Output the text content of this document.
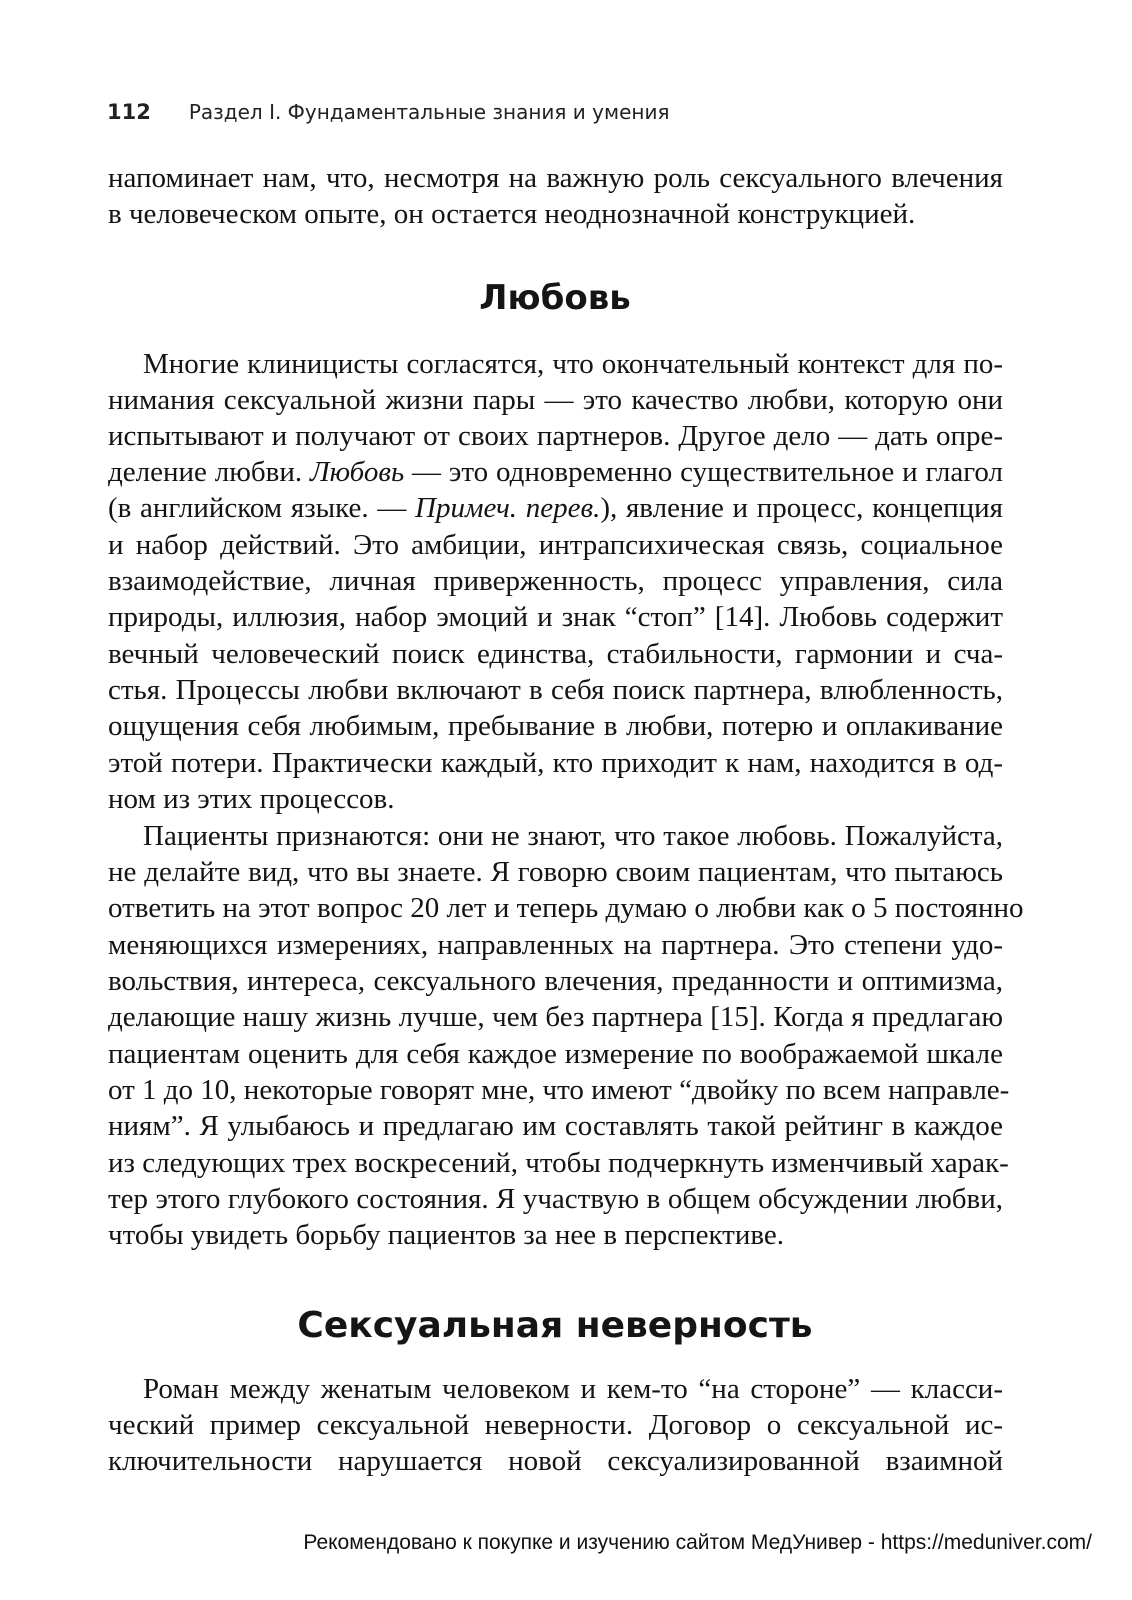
112 Раздел I. Фундаментальные знания и умения
напоминает нам, что, несмотря на важную роль сексуального влечения
в человеческом опыте, он остается неоднозначной конструкцией.
Любовь
Многие клиницисты согласятся, что окончательный контекст для по-
нимания сексуальной жизни пары — это качество любви, которую они
испытывают и получают от своих партнеров. Другое дело — дать опре-
деление любви. Любовь — это одновременно существительное и глагол
(в английском языке. — Примеч. перев.), явление и процесс, концепция
и набор действий. Это амбиции, интрапсихическая связь, социальное
взаимодействие, личная приверженность, процесс управления, сила
природы, иллюзия, набор эмоций и знак “стоп” [14]. Любовь содержит
вечный человеческий поиск единства, стабильности, гармонии и сча-
стья. Процессы любви включают в себя поиск партнера, влюбленность,
ощущения себя любимым, пребывание в любви, потерю и оплакивание
этой потери. Практически каждый, кто приходит к нам, находится в од-
ном из этих процессов.
Пациенты признаются: они не знают, что такое любовь. Пожалуйста,
не делайте вид, что вы знаете. Я говорю своим пациентам, что пытаюсь
ответить на этот вопрос 20 лет и теперь думаю о любви как о 5 постоянно
меняющихся измерениях, направленных на партнера. Это степени удо-
вольствия, интереса, сексуального влечения, преданности и оптимизма,
делающие нашу жизнь лучше, чем без партнера [15]. Когда я предлагаю
пациентам оценить для себя каждое измерение по воображаемой шкале
от 1 до 10, некоторые говорят мне, что имеют “двойку по всем направле-
ниям”. Я улыбаюсь и предлагаю им составлять такой рейтинг в каждое
из следующих трех воскресений, чтобы подчеркнуть изменчивый харак-
тер этого глубокого состояния. Я участвую в общем обсуждении любви,
чтобы увидеть борьбу пациентов за нее в перспективе.
Сексуальная неверность
Роман между женатым человеком и кем-то “на стороне” — класси-
ческий пример сексуальной неверности. Договор о сексуальной ис-
ключительности нарушается новой сексуализированной взаимной
Рекомендовано к покупке и изучению сайтом МедУнивер - https://meduniver.com/
